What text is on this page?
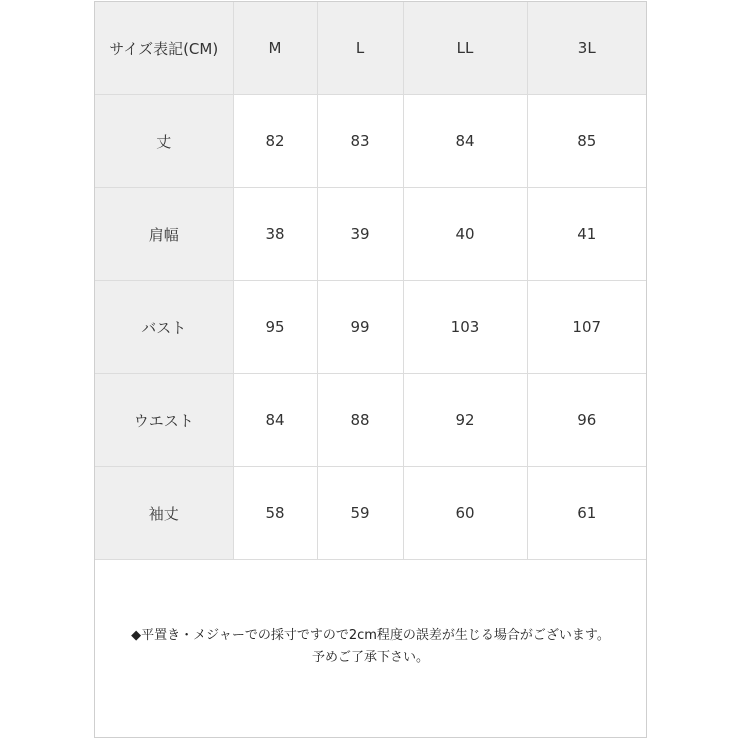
サイズ表記(CM)	M	L	LL	3L
丈	82	83	84	85
肩幅	38	39	40	41
バスト	95	99	103	107
ウエスト	84	88	92	96
袖丈	58	59	60	61
◆平置き・メジャーでの採寸ですので2cm程度の誤差が生じる場合がございます。
予めご了承下さい。
